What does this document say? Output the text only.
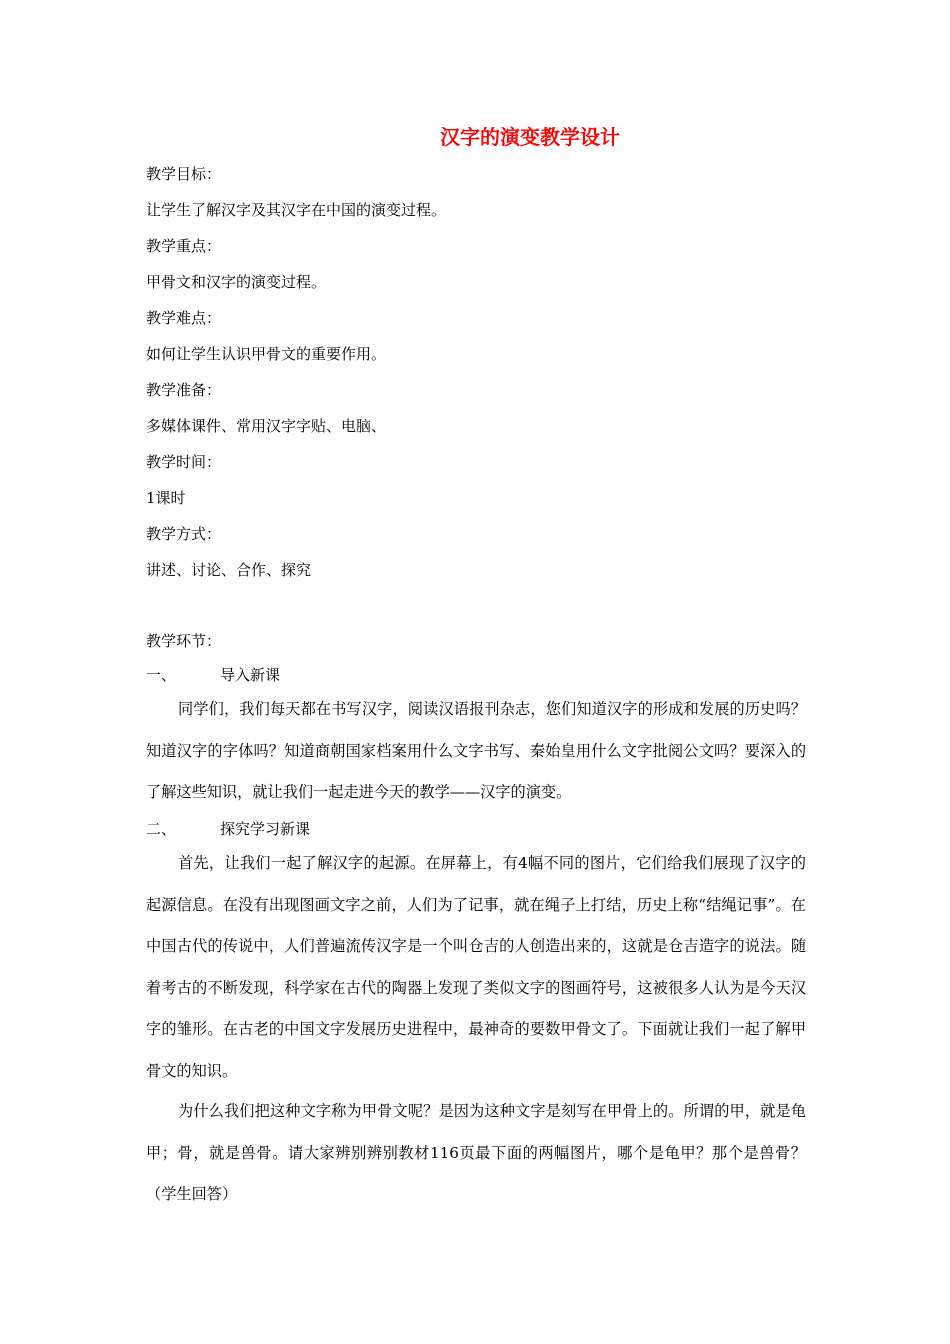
汉字的演变教学设计
教学目标：
让学生了解汉字及其汉字在中国的演变过程。
教学重点：
甲骨文和汉字的演变过程。
教学难点：
如何让学生认识甲骨文的重要作用。
教学准备：
多媒体课件、常用汉字字贴、电脑、
教学时间：
1课时
教学方式：
讲述、讨论、合作、探究
教学环节：
一、	导入新课
同学们，我们每天都在书写汉字，阅读汉语报刊杂志，您们知道汉字的形成和发展的历史吗？知道汉字的字体吗？知道商朝国家档案用什么文字书写、秦始皇用什么文字批阅公文吗？要深入的了解这些知识，就让我们一起走进今天的教学——汉字的演变。
二、	探究学习新课
首先，让我们一起了解汉字的起源。在屏幕上，有4幅不同的图片，它们给我们展现了汉字的起源信息。在没有出现图画文字之前，人们为了记事，就在绳子上打结，历史上称“结绳记事”。在中国古代的传说中，人们普遍流传汉字是一个叫仓吉的人创造出来的，这就是仓吉造字的说法。随着考古的不断发现，科学家在古代的陶器上发现了类似文字的图画符号，这被很多人认为是今天汉字的雏形。在古老的中国文字发展历史进程中，最神奇的要数甲骨文了。下面就让我们一起了解甲骨文的知识。
为什么我们把这种文字称为甲骨文呢？是因为这种文字是刻写在甲骨上的。所谓的甲，就是龟甲；骨，就是兽骨。请大家辨别辨别教材116页最下面的两幅图片，哪个是龟甲？那个是兽骨？（学生回答）
